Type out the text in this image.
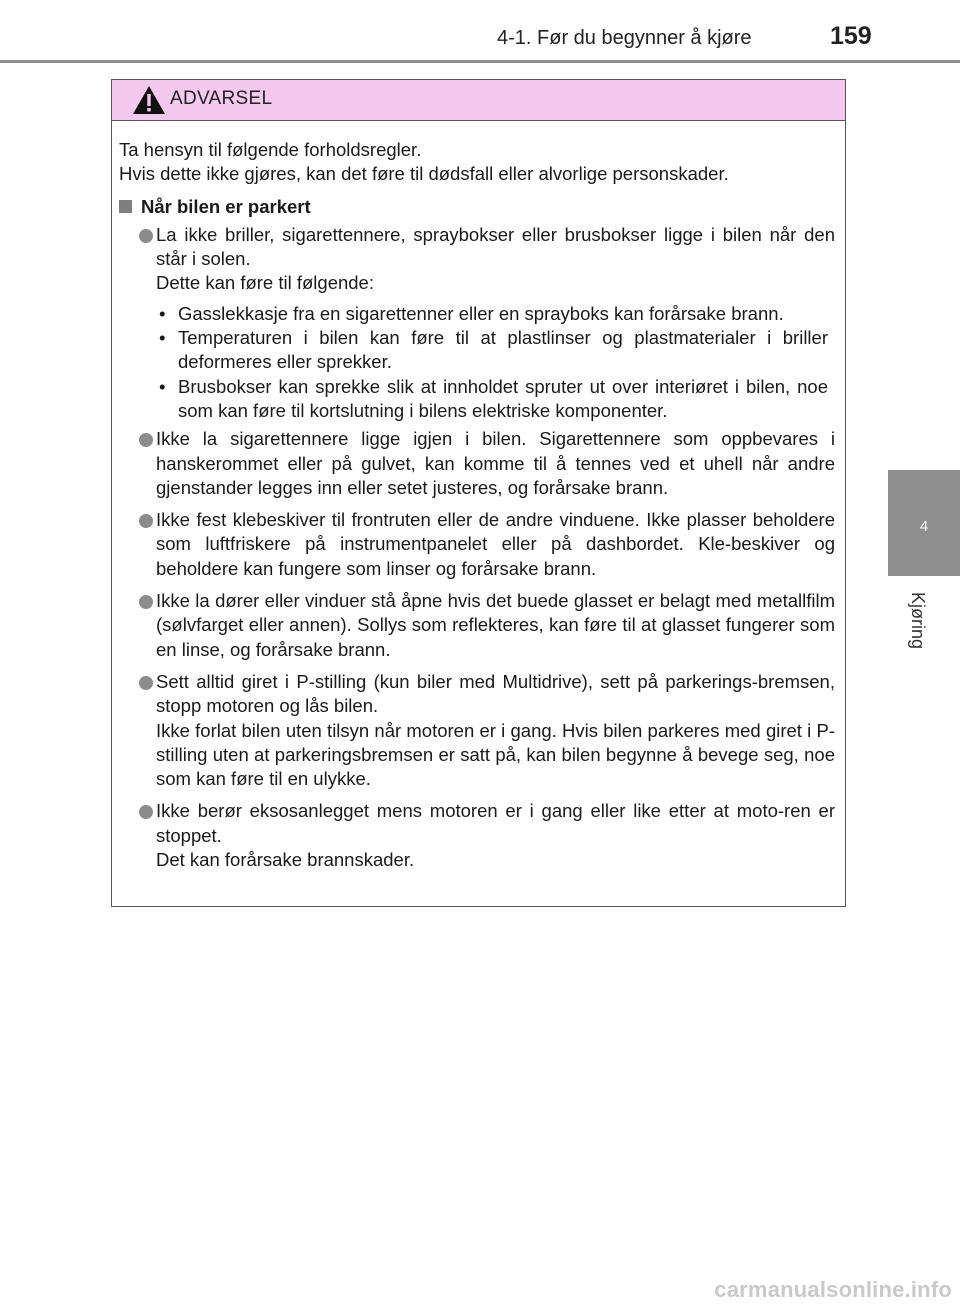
4-1. Før du begynner å kjøre	159
4
Kjøring
ADVARSEL

Ta hensyn til følgende forholdsregler.

Hvis dette ikke gjøres, kan det føre til dødsfall eller alvorlige personskader.

Når bilen er parkert

La ikke briller, sigarettennere, spraybokser eller brusbokser ligge i bilen når den står i solen.

Dette kan føre til følgende:

• Gasslekkasje fra en sigarettenner eller en sprayboks kan forårsake brann.
• Temperaturen i bilen kan føre til at plastlinser og plastmaterialer i briller deformeres eller sprekker.
• Brusbokser kan sprekke slik at innholdet spruter ut over interiøret i bilen, noe som kan føre til kortslutning i bilens elektriske komponenter.

Ikke la sigarettennere ligge igjen i bilen. Sigarettennere som oppbevares i hanskerommet eller på gulvet, kan komme til å tennes ved et uhell når andre gjenstander legges inn eller setet justeres, og forårsake brann.

Ikke fest klebeskiver til frontruten eller de andre vinduene. Ikke plasser beholdere som luftfriskere på instrumentpanelet eller på dashbordet. Kle-beskiver og beholdere kan fungere som linser og forårsake brann.

Ikke la dører eller vinduer stå åpne hvis det buede glasset er belagt med metallfilm (sølvfarget eller annen). Sollys som reflekteres, kan føre til at glasset fungerer som en linse, og forårsake brann.

Sett alltid giret i P-stilling (kun biler med Multidrive), sett på parkerings-bremsen, stopp motoren og lås bilen.

Ikke forlat bilen uten tilsyn når motoren er i gang. Hvis bilen parkeres med giret i P-stilling uten at parkeringsbremsen er satt på, kan bilen begynne å bevege seg, noe som kan føre til en ulykke.

Ikke berør eksosanlegget mens motoren er i gang eller like etter at moto-ren er stoppet.

Det kan forårsake brannskader.

carmanualsonline.info
